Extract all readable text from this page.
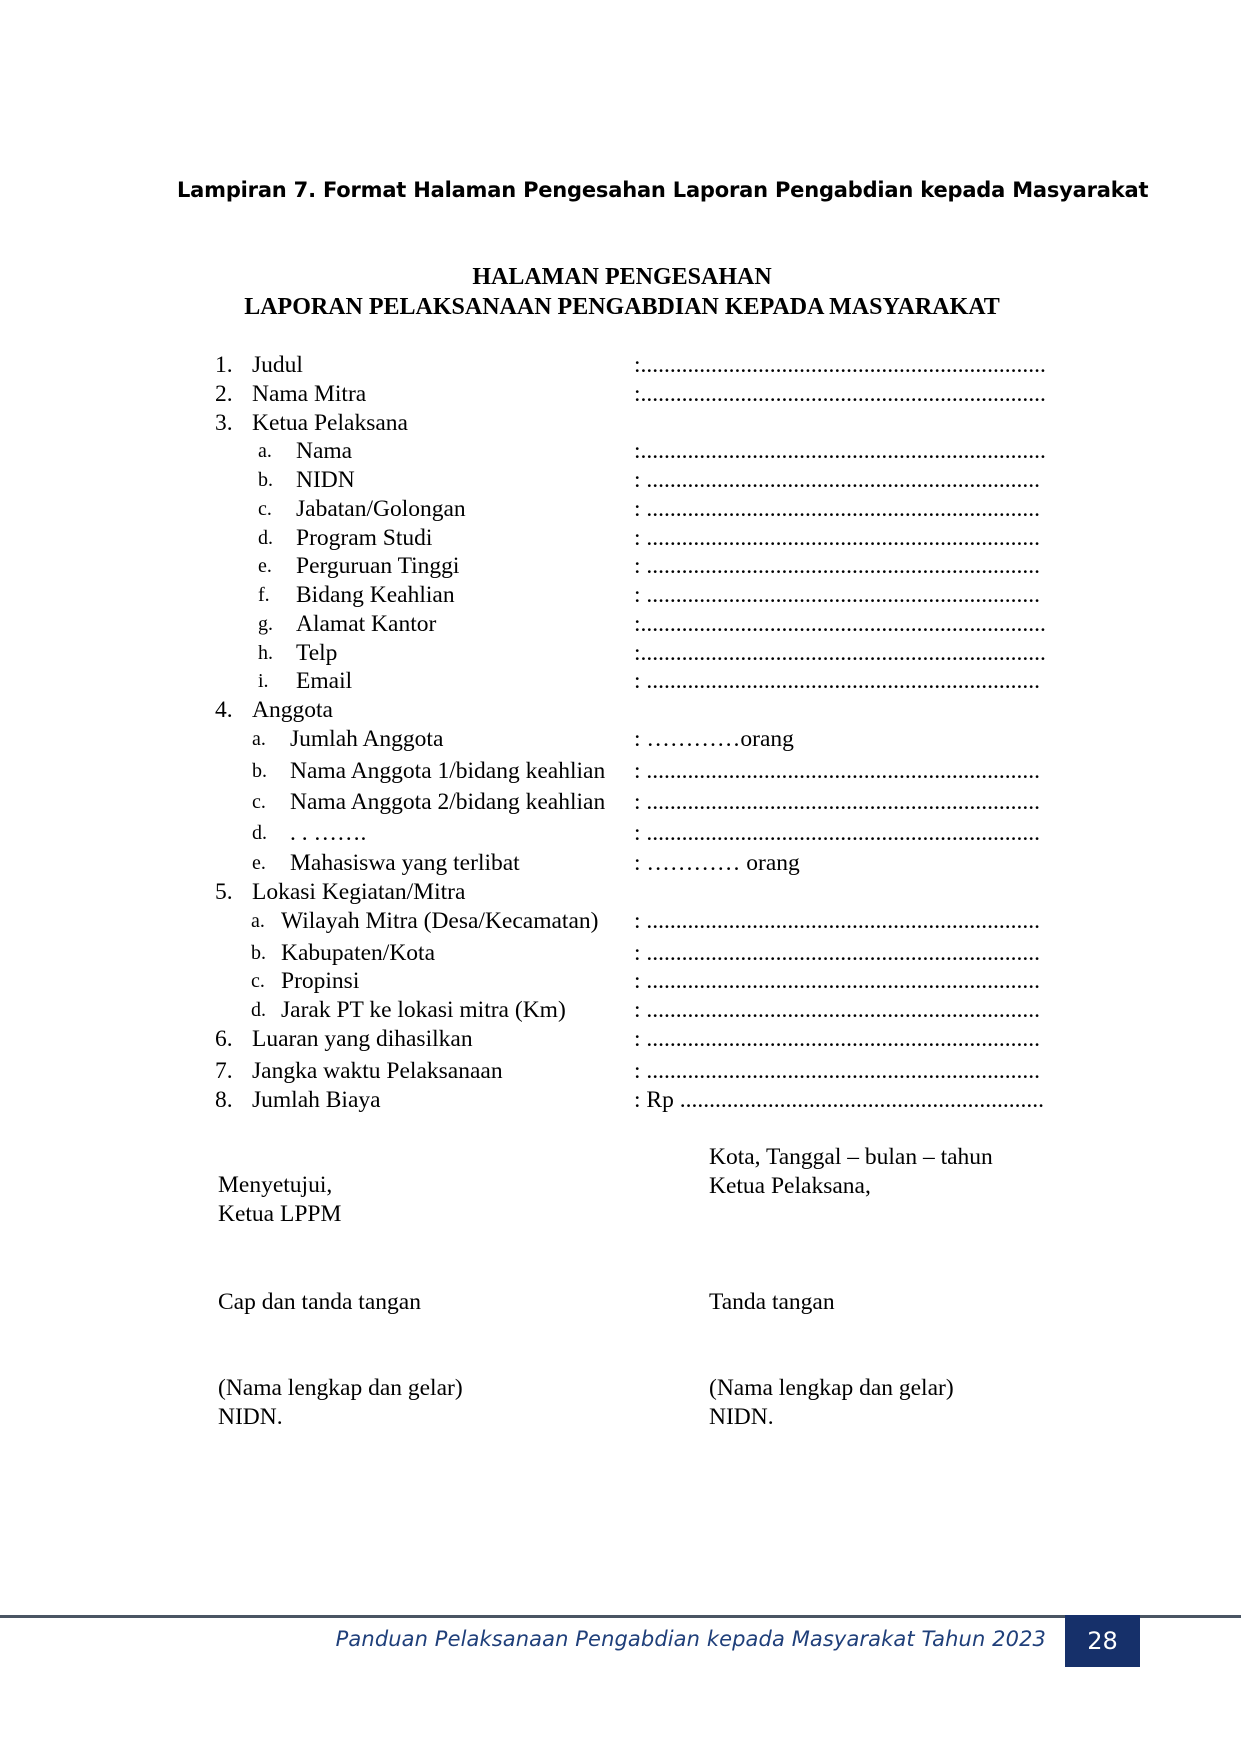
Lampiran 7. Format Halaman Pengesahan Laporan Pengabdian kepada Masyarakat
HALAMAN PENGESAHAN
LAPORAN PELAKSANAAN PENGABDIAN KEPADA MASYARAKAT
1. Judul	:.....................................................................
2. Nama Mitra	:.....................................................................
3. Ketua Pelaksana
a. Nama	:.....................................................................
b. NIDN	: ...................................................................
c. Jabatan/Golongan	: ...................................................................
d. Program Studi	: ...................................................................
e. Perguruan Tinggi	: ...................................................................
f. Bidang Keahlian	: ...................................................................
g. Alamat Kantor	:.....................................................................
h. Telp	:.....................................................................
i. Email	: ...................................................................
4. Anggota
a. Jumlah Anggota	: …………orang
b. Nama Anggota 1/bidang keahlian : ...................................................................
c. Nama Anggota 2/bidang keahlian : ...................................................................
d. . . …….	: ...................................................................
e. Mahasiswa yang terlibat	: ………… orang
5. Lokasi Kegiatan/Mitra
a. Wilayah Mitra (Desa/Kecamatan) : ...................................................................
b. Kabupaten/Kota	: ...................................................................
c. Propinsi	: ...................................................................
d. Jarak PT ke lokasi mitra (Km)	: ...................................................................
6. Luaran yang dihasilkan	: ...................................................................
7. Jangka waktu Pelaksanaan	: ...................................................................
8. Jumlah Biaya	: Rp ..............................................................
Menyetujui,
Ketua LPPM
Cap dan tanda tangan
(Nama lengkap dan gelar)
NIDN.
Kota, Tanggal – bulan – tahun
Ketua Pelaksana,
Tanda tangan
(Nama lengkap dan gelar)
NIDN.
Panduan Pelaksanaan Pengabdian kepada Masyarakat Tahun 2023	28
